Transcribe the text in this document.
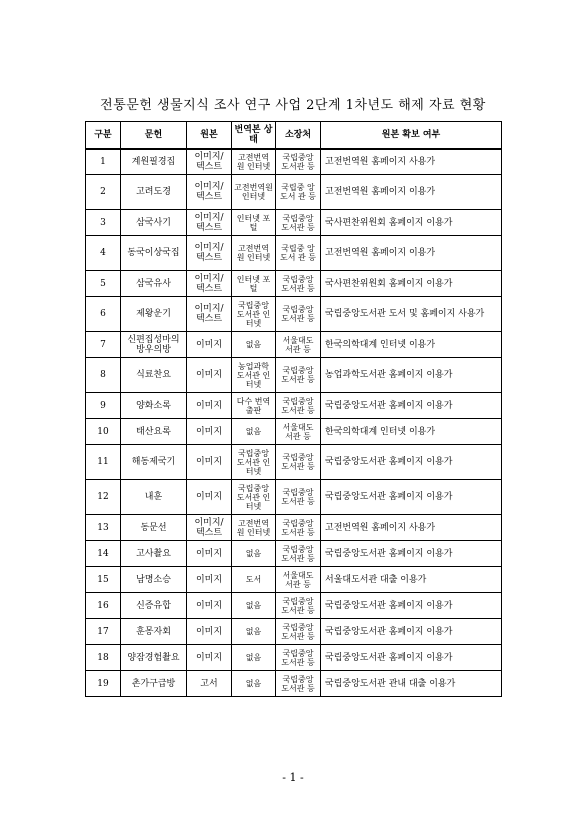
전통문헌 생물지식 조사 연구 사업 2단계 1차년도 해제 자료 현황
구분	문헌	원본	번역본 상태	소장처	원본 확보 여부
1	계원필경집	이미지/ 텍스트	고전번역 원 인터넷	국립중앙 도서관 등	고전번역원 홈페이지 사용가
2	고려도경	이미지/ 텍스트	고전번역원 인터넷	국립중 앙도서 관 등	고전번역원 홈페이지 이용가
3	삼국사기	이미지/ 텍스트	인터넷 포털	국립중앙 도서관 등	국사편찬위원회 홈페이지 이용가
4	동국이상국집	이미지/ 텍스트	고전번역 원 인터넷	국립중 앙도서 관 등	고전번역원 홈페이지 이용가
5	삼국유사	이미지/ 텍스트	인터넷 포털	국립중앙 도서관 등	국사편찬위원회 홈페이지 이용가
6	제왕운기	이미지/ 텍스트	국립중앙 도서관 인터넷	국립중앙 도서관 등	국립중앙도서관 도서 및 홈페이지 사용가
7	신편집성마의 방우의방	이미지	없음	서울대도 서관 등	한국의학대계 인터넷 이용가
8	식료찬요	이미지	농업과학 도서관 인터넷	국립중앙 도서관 등	농업과학도서관 홈페이지 이용가
9	양화소록	이미지	다수 번역 출판	국립중앙 도서관 등	국립중앙도서관 홈페이지 이용가
10	태산요록	이미지	없음	서울대도 서관 등	한국의학대계 인터넷 이용가
11	해동제국기	이미지	국립중앙 도서관 인터넷	국립중앙 도서관 등	국립중앙도서관 홈페이지 이용가
12	내훈	이미지	국립중앙 도서관 인터넷	국립중앙 도서관 등	국립중앙도서관 홈페이지 이용가
13	동문선	이미지/ 텍스트	고전번역 원 인터넷	국립중앙 도서관 등	고전번역원 홈페이지 사용가
14	고사촬요	이미지	없음	국립중앙 도서관 등	국립중앙도서관 홈페이지 이용가
15	남명소승	이미지	도서	서울대도 서관 등	서울대도서관 대출 이용가
16	신증유합	이미지	없음	국립중앙 도서관 등	국립중앙도서관 홈페이지 이용가
17	훈몽자회	이미지	없음	국립중앙 도서관 등	국립중앙도서관 홈페이지 이용가
18	양잠경험촬요	이미지	없음	국립중앙 도서관 등	국립중앙도서관 홈페이지 이용가
19	촌가구급방	고서	없음	국립중앙 도서관 등	국립중앙도서관 관내 대출 이용가
- 1 -
